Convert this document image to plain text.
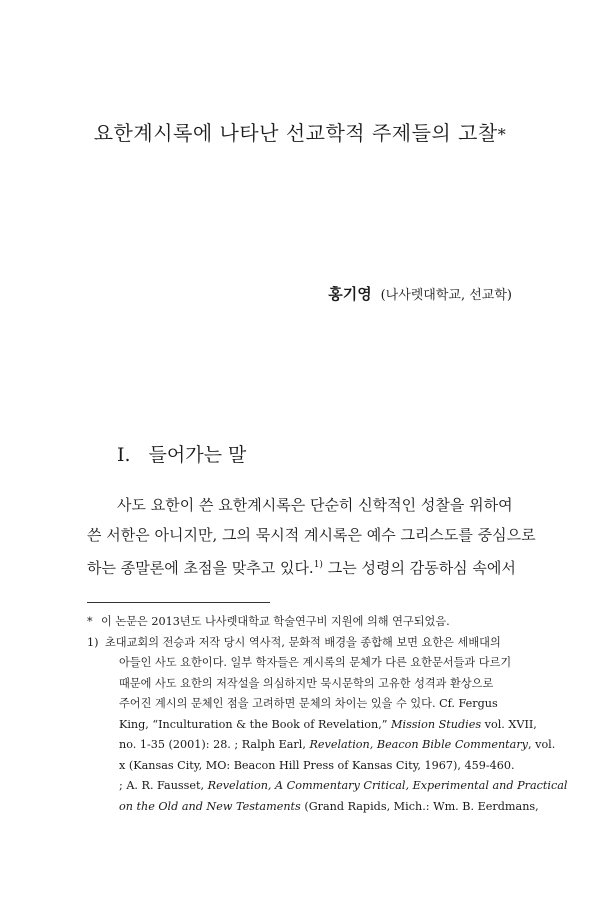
요한계시록에 나타난 선교학적 주제들의 고찰*
홍기영 (나사렛대학교, 선교학)
I. 들어가는 말
사도 요한이 쓴 요한계시록은 단순히 신학적인 성찰을 위하여
쓴 서한은 아니지만, 그의 묵시적 계시록은 예수 그리스도를 중심으로
하는 종말론에 초점을 맞추고 있다.$^{1)}$ 그는 성령의 감동하심 속에서
* 이 논문은 2013년도 나사렛대학교 학술연구비 지원에 의해 연구되었음.
1) 초대교회의 전승과 저작 당시 역사적, 문화적 배경을 종합해 보면 요한은 세배대의
아들인 사도 요한이다. 일부 학자들은 계시록의 문체가 다른 요한문서들과 다르기
때문에 사도 요한의 저작설을 의심하지만 묵시문학의 고유한 성격과 환상으로
주어진 계시의 문체인 점을 고려하면 문체의 차이는 있을 수 있다. Cf. Fergus
King, “Inculturation & the Book of Revelation,” Mission Studies vol. XVII,
no. 1-35 (2001): 28. ; Ralph Earl, Revelation, Beacon Bible Commentary, vol.
x (Kansas City, MO: Beacon Hill Press of Kansas City, 1967), 459-460.
; A. R. Fausset, Revelation, A Commentary Critical, Experimental and Practical
on the Old and New Testaments (Grand Rapids, Mich.: Wm. B. Eerdmans,
